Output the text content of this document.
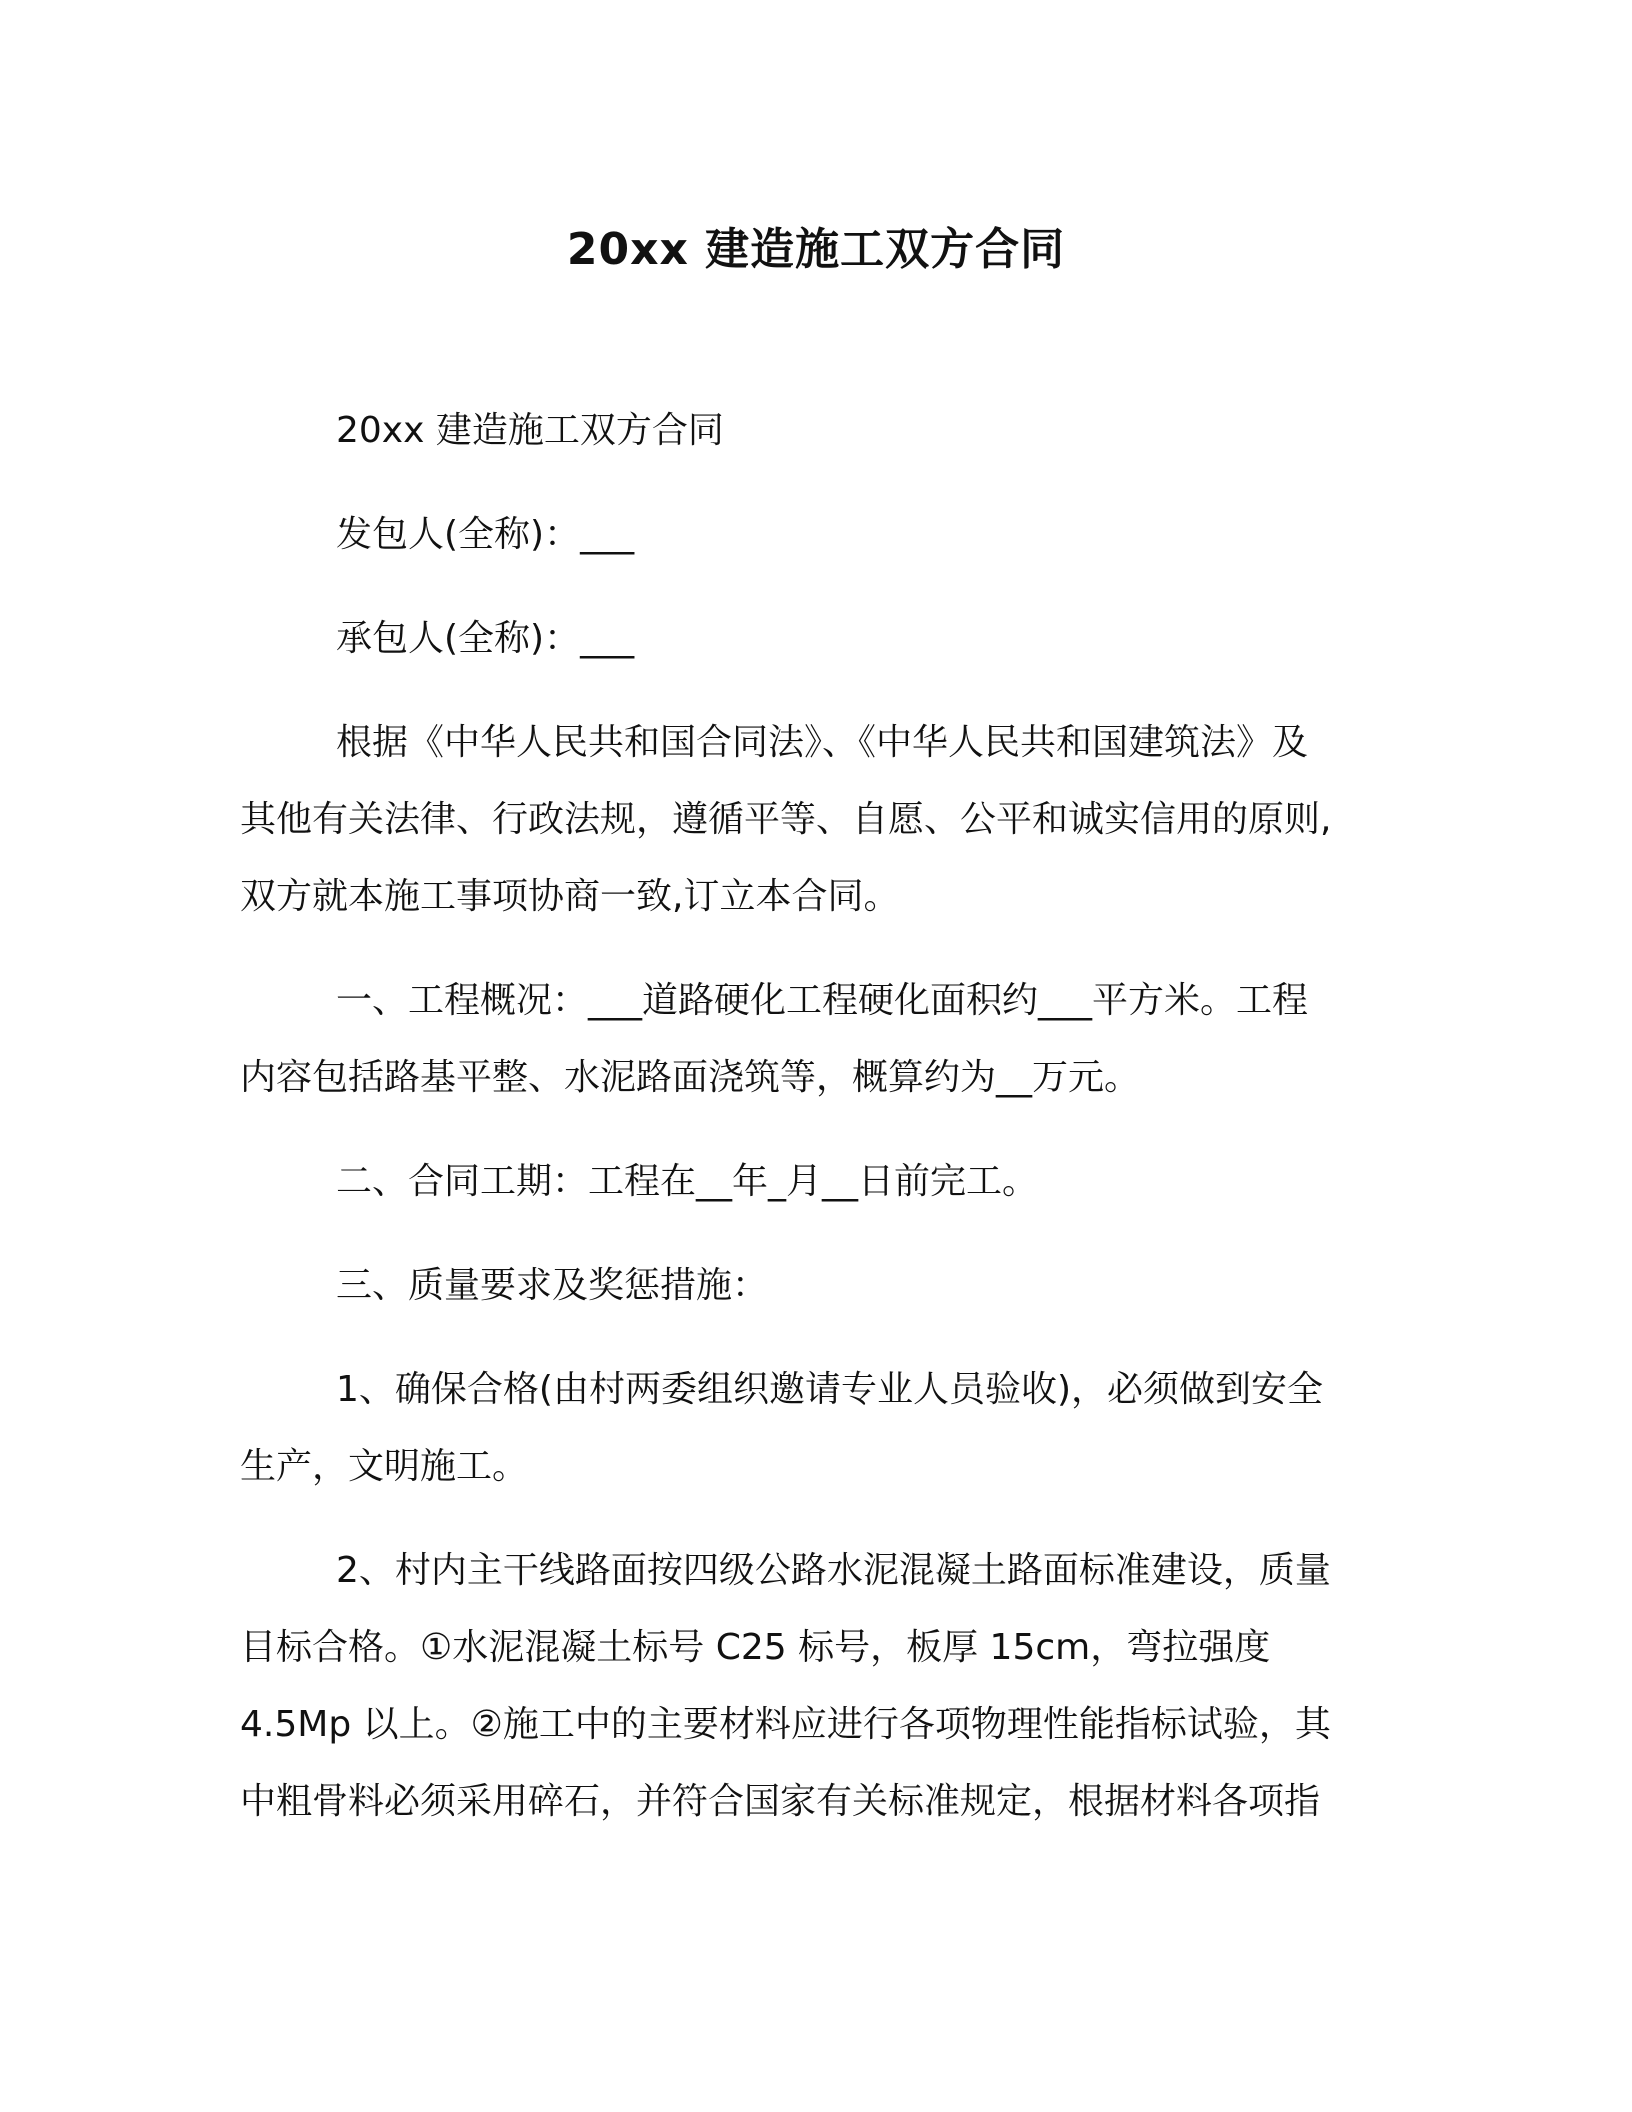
20xx 建造施工双方合同
20xx 建造施工双方合同
发包人(全称)：___
承包人(全称)：___
根据《中华人民共和国合同法》、《中华人民共和国建筑法》及
其他有关法律、行政法规，遵循平等、自愿、公平和诚实信用的原则,
双方就本施工事项协商一致,订立本合同。
一、工程概况：___道路硬化工程硬化面积约___平方米。工程
内容包括路基平整、水泥路面浇筑等，概算约为__万元。
二、合同工期：工程在__年_月__日前完工。
三、质量要求及奖惩措施：
1、确保合格(由村两委组织邀请专业人员验收)，必须做到安全
生产，文明施工。
2、村内主干线路面按四级公路水泥混凝土路面标准建设，质量
目标合格。①水泥混凝土标号 C25 标号，板厚 15cm，弯拉强度
4.5Mp 以上。②施工中的主要材料应进行各项物理性能指标试验，其
中粗骨料必须采用碎石，并符合国家有关标准规定，根据材料各项指
